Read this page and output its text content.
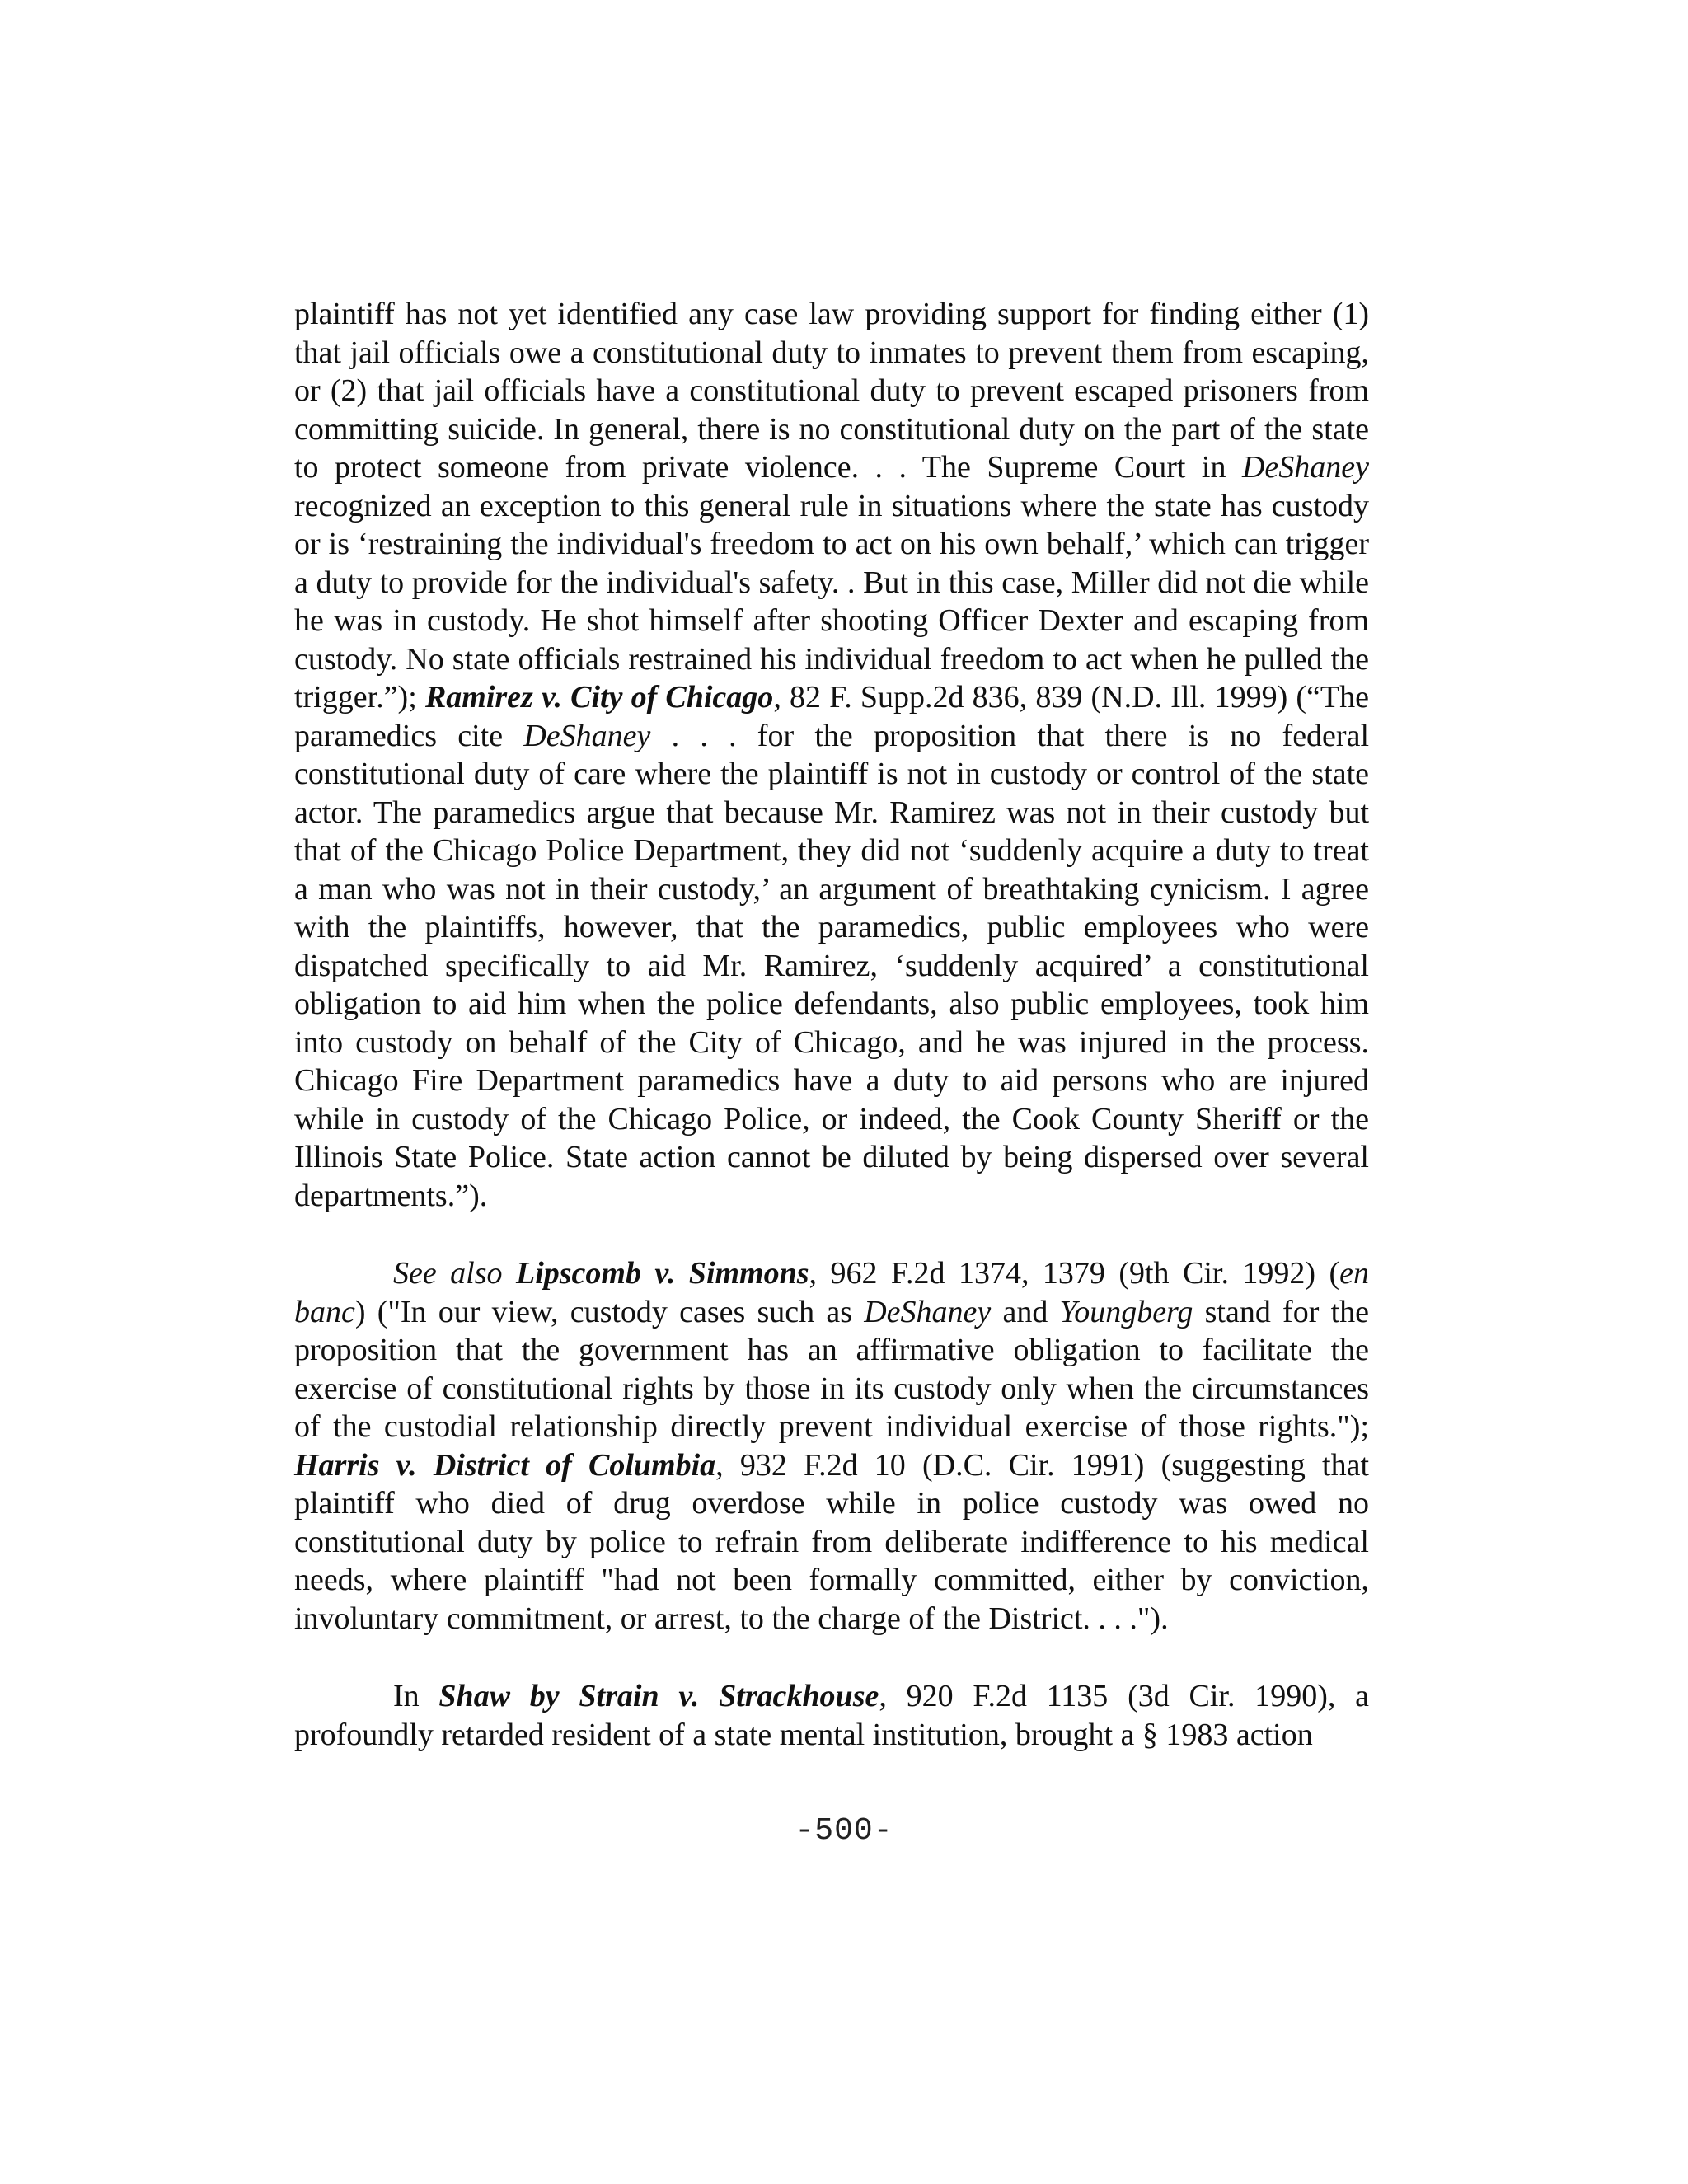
plaintiff has not yet identified any case law providing support for finding either (1) that jail officials owe a constitutional duty to inmates to prevent them from escaping, or (2) that jail officials have a constitutional duty to prevent escaped prisoners from committing suicide. In general, there is no constitutional duty on the part of the state to protect someone from private violence. . . The Supreme Court in DeShaney recognized an exception to this general rule in situations where the state has custody or is ‘restraining the individual's freedom to act on his own behalf,’ which can trigger a duty to provide for the individual's safety. . But in this case, Miller did not die while he was in custody. He shot himself after shooting Officer Dexter and escaping from custody. No state officials restrained his individual freedom to act when he pulled the trigger.”); Ramirez v. City of Chicago, 82 F. Supp.2d 836, 839 (N.D. Ill. 1999) (“The paramedics cite DeShaney . . . for the proposition that there is no federal constitutional duty of care where the plaintiff is not in custody or control of the state actor. The paramedics argue that because Mr. Ramirez was not in their custody but that of the Chicago Police Department, they did not ‘suddenly acquire a duty to treat a man who was not in their custody,’ an argument of breathtaking cynicism. I agree with the plaintiffs, however, that the paramedics, public employees who were dispatched specifically to aid Mr. Ramirez, ‘suddenly acquired’ a constitutional obligation to aid him when the police defendants, also public employees, took him into custody on behalf of the City of Chicago, and he was injured in the process. Chicago Fire Department paramedics have a duty to aid persons who are injured while in custody of the Chicago Police, or indeed, the Cook County Sheriff or the Illinois State Police. State action cannot be diluted by being dispersed over several departments.”).

See also Lipscomb v. Simmons, 962 F.2d 1374, 1379 (9th Cir. 1992) (en banc) ("In our view, custody cases such as DeShaney and Youngberg stand for the proposition that the government has an affirmative obligation to facilitate the exercise of constitutional rights by those in its custody only when the circumstances of the custodial relationship directly prevent individual exercise of those rights."); Harris v. District of Columbia, 932 F.2d 10 (D.C. Cir. 1991) (suggesting that plaintiff who died of drug overdose while in police custody was owed no constitutional duty by police to refrain from deliberate indifference to his medical needs, where plaintiff "had not been formally committed, either by conviction, involuntary commitment, or arrest, to the charge of the District. . . .").

In Shaw by Strain v. Strackhouse, 920 F.2d 1135 (3d Cir. 1990), a profoundly retarded resident of a state mental institution, brought a § 1983 action

-500-
